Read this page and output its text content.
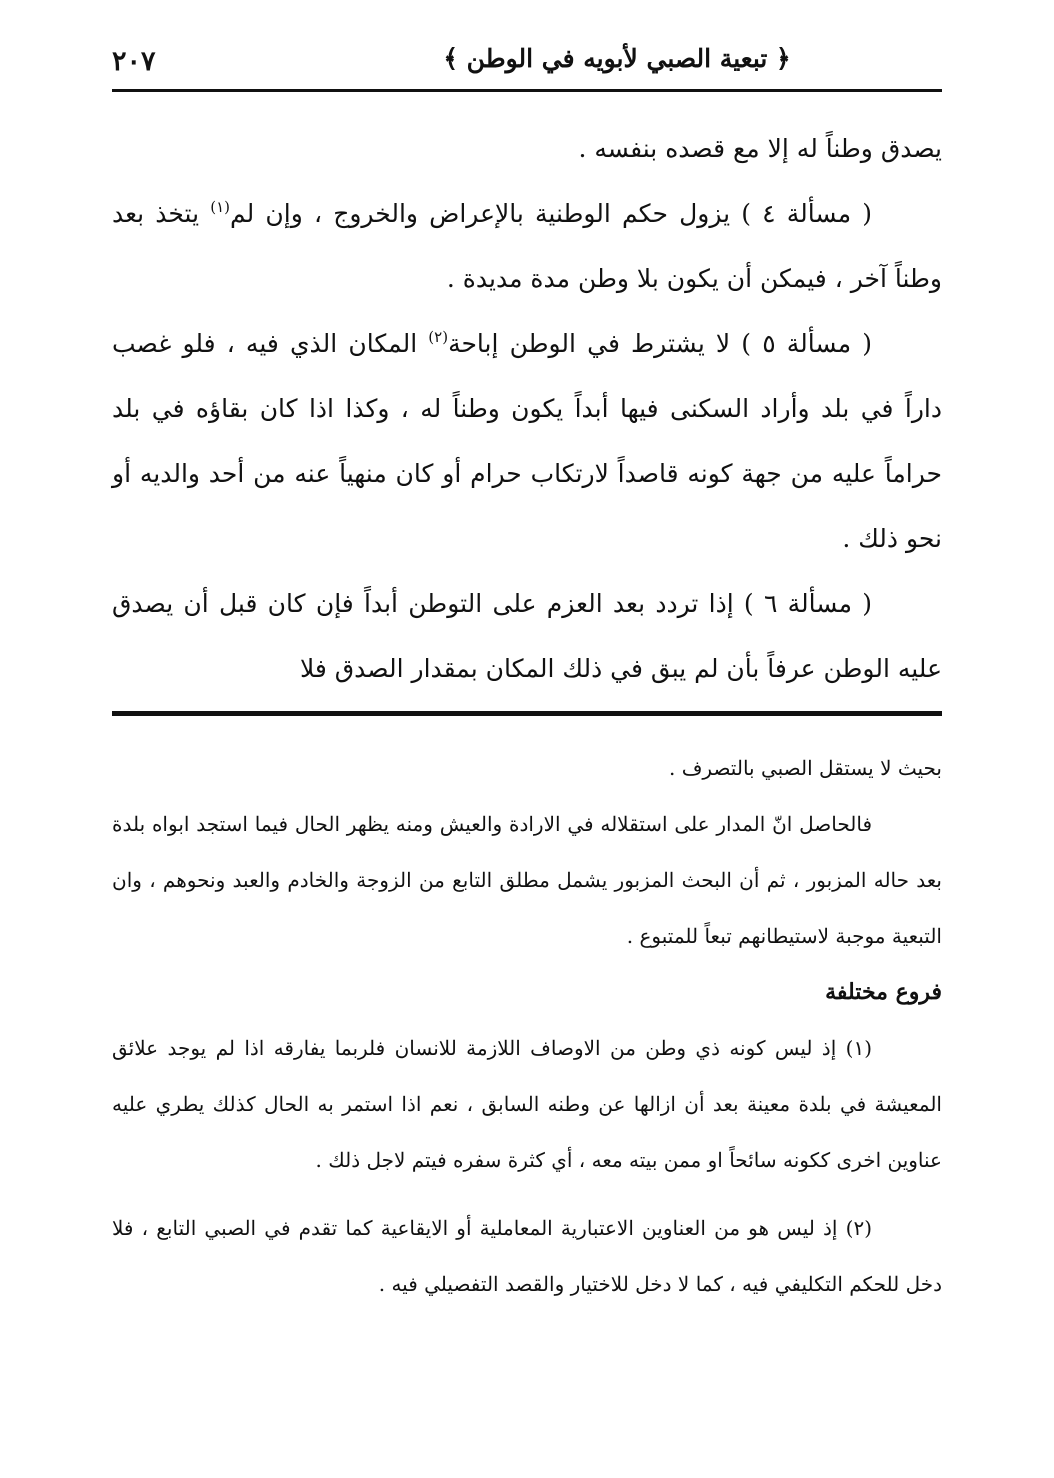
٢٠٧	﴿ تبعية الصبي لأبويه في الوطن ﴾

يصدق وطناً له إلا مع قصده بنفسه .

( مسألة ٤ ) يزول حكم الوطنية بالإعراض والخروج ، وإن لم$^{(١)}$ يتخذ بعد وطناً آخر ، فيمكن أن يكون بلا وطن مدة مديدة .

( مسألة ٥ ) لا يشترط في الوطن إباحة$^{(٢)}$ المكان الذي فيه ، فلو غصب داراً في بلد وأراد السكنى فيها أبداً يكون وطناً له ، وكذا اذا كان بقاؤه في بلد حراماً عليه من جهة كونه قاصداً لارتكاب حرام أو كان منهياً عنه من أحد والديه أو نحو ذلك .

( مسألة ٦ ) إذا تردد بعد العزم على التوطن أبداً فإن كان قبل أن يصدق عليه الوطن عرفاً بأن لم يبق في ذلك المكان بمقدار الصدق فلا

بحيث لا يستقل الصبي بالتصرف .

فالحاصل انّ المدار على استقلاله في الارادة والعيش ومنه يظهر الحال فيما استجد ابواه بلدة بعد حاله المزبور ، ثم أن البحث المزبور يشمل مطلق التابع من الزوجة والخادم والعبد ونحوهم ، وان التبعية موجبة لاستيطانهم تبعاً للمتبوع .

فروع مختلفة

(١) إذ ليس كونه ذي وطن من الاوصاف اللازمة للانسان فلربما يفارقه اذا لم يوجد علائق المعيشة في بلدة معينة بعد أن ازالها عن وطنه السابق ، نعم اذا استمر به الحال كذلك يطري عليه عناوين اخرى ككونه سائحاً او ممن بيته معه ، أي كثرة سفره فيتم لاجل ذلك .

(٢) إذ ليس هو من العناوين الاعتبارية المعاملية أو الايقاعية كما تقدم في الصبي التابع ، فلا دخل للحكم التكليفي فيه ، كما لا دخل للاختيار والقصد التفصيلي فيه .
